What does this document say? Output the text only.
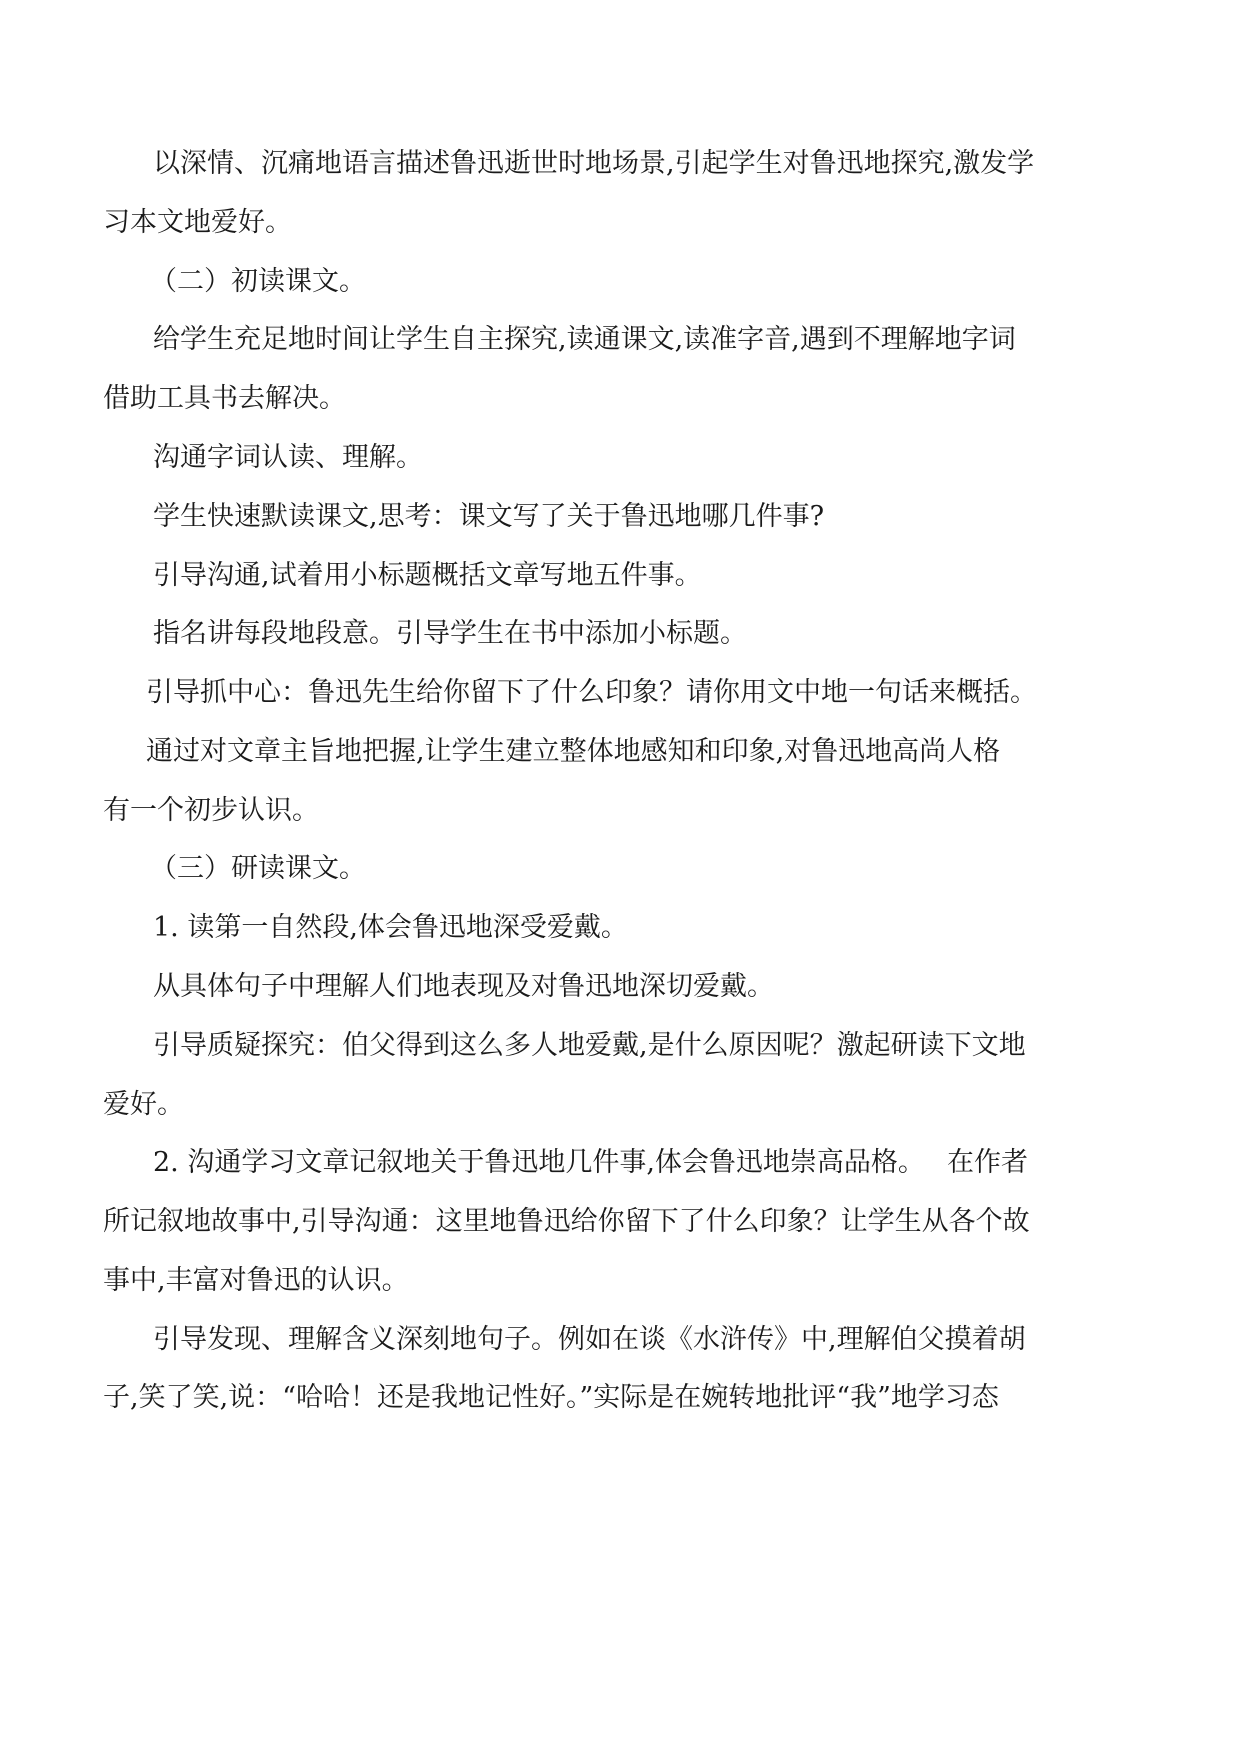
以深情、沉痛地语言描述鲁迅逝世时地场景,引起学生对鲁迅地探究,激发学
习本文地爱好。
（二）初读课文。
给学生充足地时间让学生自主探究,读通课文,读准字音,遇到不理解地字词
借助工具书去解决。
沟通字词认读、理解。
学生快速默读课文,思考：课文写了关于鲁迅地哪几件事?
引导沟通,试着用小标题概括文章写地五件事。
指名讲每段地段意。引导学生在书中添加小标题。
引导抓中心：鲁迅先生给你留下了什么印象？请你用文中地一句话来概括。
通过对文章主旨地把握,让学生建立整体地感知和印象,对鲁迅地高尚人格
有一个初步认识。
（三）研读课文。
1. 读第一自然段,体会鲁迅地深受爱戴。
从具体句子中理解人们地表现及对鲁迅地深切爱戴。
引导质疑探究：伯父得到这么多人地爱戴,是什么原因呢？激起研读下文地
爱好。
2. 沟通学习文章记叙地关于鲁迅地几件事,体会鲁迅地崇高品格。　 在作者
所记叙地故事中,引导沟通：这里地鲁迅给你留下了什么印象？让学生从各个故
事中,丰富对鲁迅的认识。
引导发现、理解含义深刻地句子。例如在谈《水浒传》中,理解伯父摸着胡
子,笑了笑,说：“哈哈！还是我地记性好。”实际是在婉转地批评“我”地学习态
